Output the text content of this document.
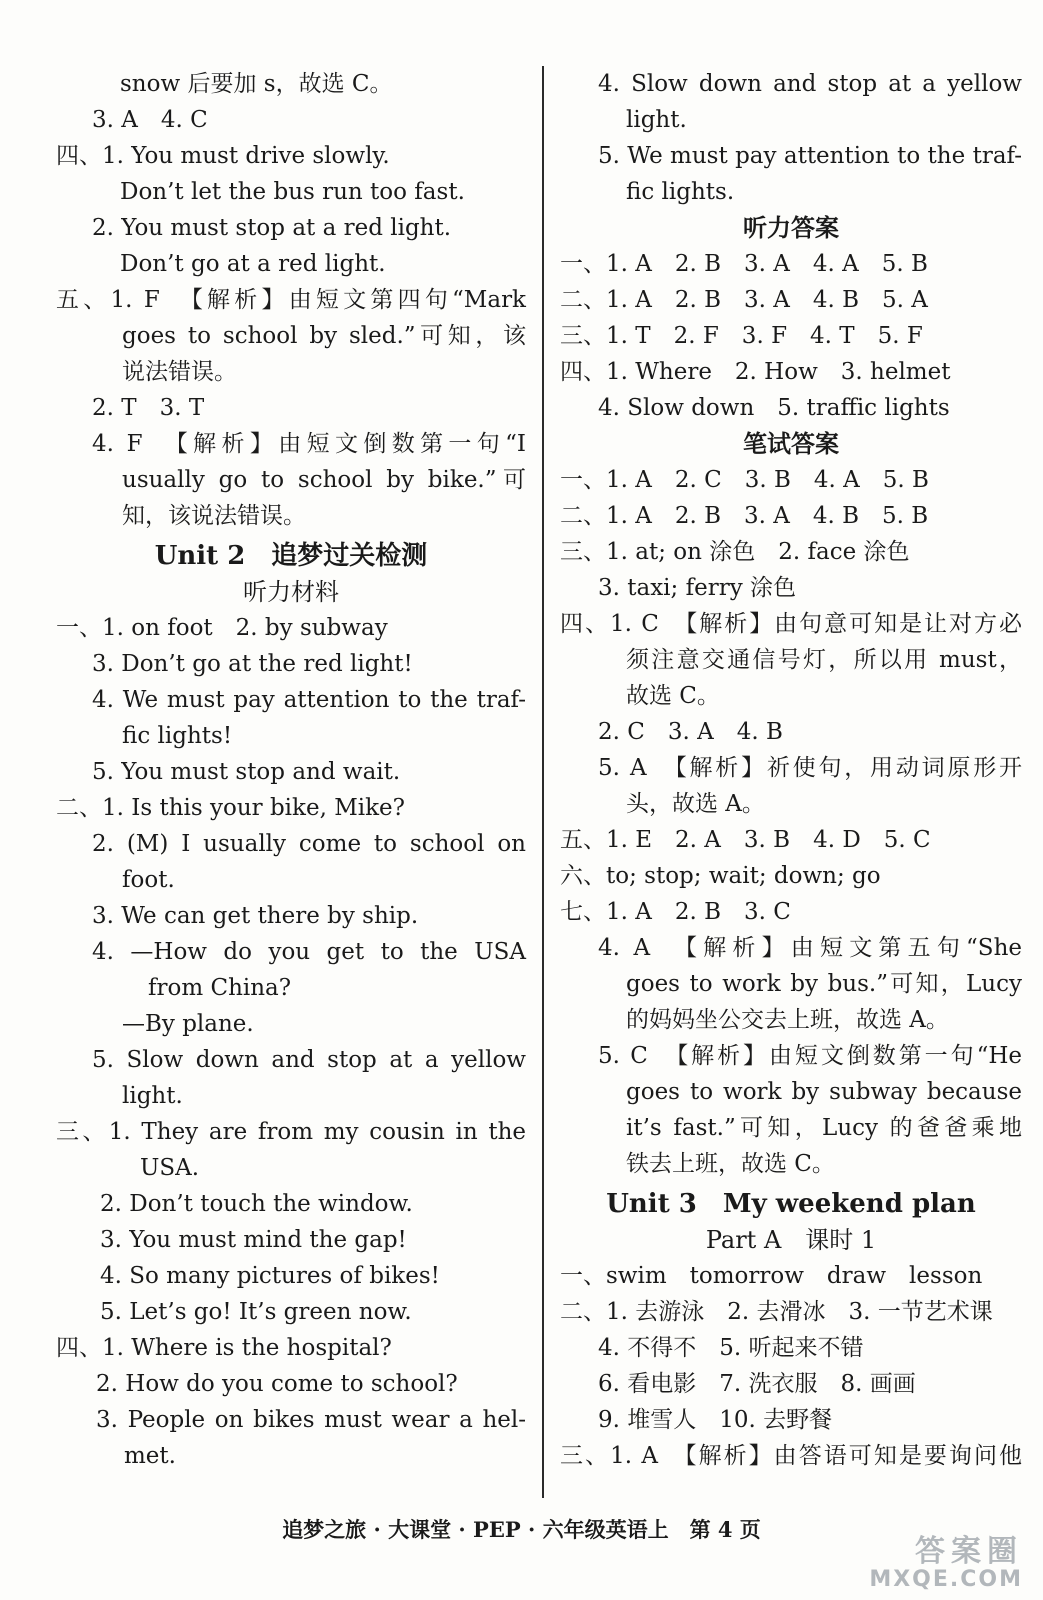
snow 后要加 s，故选 C。
3. A　4. C
四、1. You must drive slowly.
Don’t let the bus run too fast.
2. You must stop at a red light.
Don’t go at a red light.
五、1. F　【解析】由短文第四句“Mark
goes to school by sled.”可知，该
说法错误。
2. T　3. T
4. F　【解析】由短文倒数第一句“I
usually go to school by bike.”可
知，该说法错误。
Unit 2　追梦过关检测
听力材料
一、1. on foot　2. by subway
3. Don’t go at the red light!
4. We must pay attention to the traf-
fic lights!
5. You must stop and wait.
二、1. Is this your bike, Mike?
2. (M) I usually come to school on
foot.
3. We can get there by ship.
4. —How do you get to the USA
from China?
—By plane.
5. Slow down and stop at a yellow
light.
三、1. They are from my cousin in the
USA.
2. Don’t touch the window.
3. You must mind the gap!
4. So many pictures of bikes!
5. Let’s go! It’s green now.
四、1. Where is the hospital?
2. How do you come to school?
3. People on bikes must wear a hel-
met.
4. Slow down and stop at a yellow
light.
5. We must pay attention to the traf-
fic lights.
听力答案
一、1. A　2. B　3. A　4. A　5. B
二、1. A　2. B　3. A　4. B　5. A
三、1. T　2. F　3. F　4. T　5. F
四、1. Where　2. How　3. helmet
4. Slow down　5. traffic lights
笔试答案
一、1. A　2. C　3. B　4. A　5. B
二、1. A　2. B　3. A　4. B　5. B
三、1. at; on 涂色　2. face 涂色
3. taxi; ferry 涂色
四、1. C　【解析】由句意可知是让对方必
须注意交通信号灯，所以用 must，
故选 C。
2. C　3. A　4. B
5. A　【解析】祈使句，用动词原形开
头，故选 A。
五、1. E　2. A　3. B　4. D　5. C
六、to; stop; wait; down; go
七、1. A　2. B　3. C
4. A　【解析】由短文第五句“She
goes to work by bus.”可知，Lucy
的妈妈坐公交去上班，故选 A。
5. C　【解析】由短文倒数第一句“He
goes to work by subway because
it’s fast.”可知，Lucy 的爸爸乘地
铁去上班，故选 C。
Unit 3　My weekend plan
Part A　课时 1
一、swim　tomorrow　draw　lesson
二、1. 去游泳　2. 去滑冰　3. 一节艺术课
4. 不得不　5. 听起来不错
6. 看电影　7. 洗衣服　8. 画画
9. 堆雪人　10. 去野餐
三、1. A　【解析】由答语可知是要询问他
追梦之旅 · 大课堂 · PEP · 六年级英语上　第 4 页
答案圈
MXQE.COM
